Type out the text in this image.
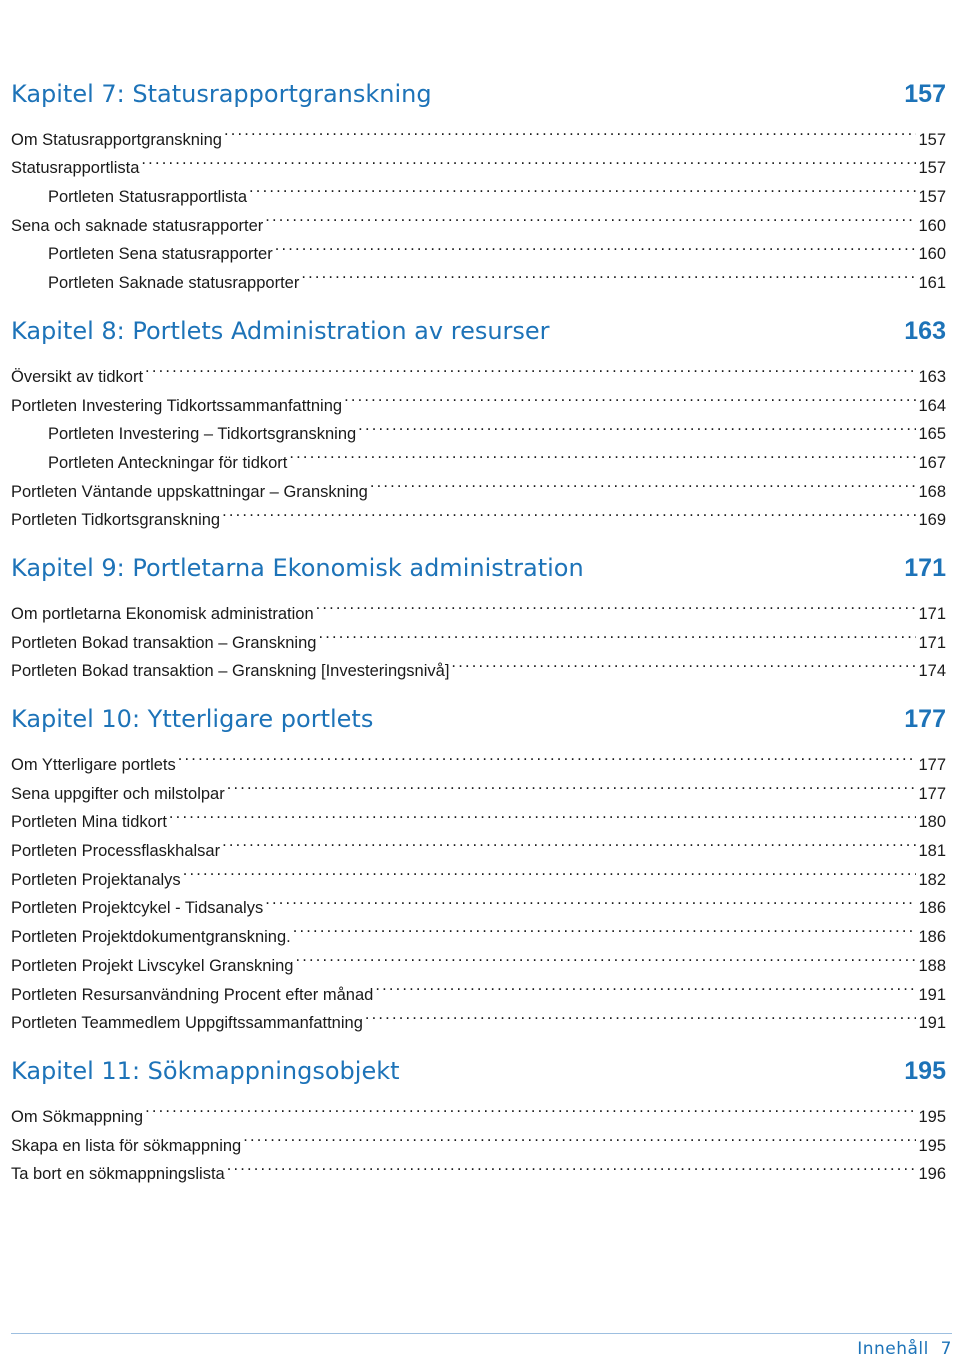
Kapitel 7: Statusrapportgranskning	157
Om Statusrapportgranskning . . .	157
Statusrapportlista . . .	157
Portleten Statusrapportlista . . .	157
Sena och saknade statusrapporter . . .	160
Portleten Sena statusrapporter . . .	160
Portleten Saknade statusrapporter . . .	161
Kapitel 8: Portlets Administration av resurser	163
Översikt av tidkort . . .	163
Portleten Investering Tidkortssammanfattning . . .	164
Portleten Investering – Tidkortsgranskning . . .	165
Portleten Anteckningar för tidkort . . .	167
Portleten Väntande uppskattningar – Granskning . . .	168
Portleten Tidkortsgranskning . . .	169
Kapitel 9: Portletarna Ekonomisk administration	171
Om portletarna Ekonomisk administration . . .	171
Portleten Bokad transaktion – Granskning . . .	171
Portleten Bokad transaktion – Granskning [Investeringsnivå] . . .	174
Kapitel 10: Ytterligare portlets	177
Om Ytterligare portlets . . .	177
Sena uppgifter och milstolpar . . .	177
Portleten Mina tidkort . . .	180
Portleten Processflaskhalsar . . .	181
Portleten Projektanalys . . .	182
Portleten Projektcykel - Tidsanalys . . .	186
Portleten Projektdokumentgranskning. . . .	186
Portleten Projekt Livscykel Granskning . . .	188
Portleten Resursanvändning Procent efter månad . . .	191
Portleten Teammedlem Uppgiftssammanfattning . . .	191
Kapitel 11: Sökmappningsobjekt	195
Om Sökmappning . . .	195
Skapa en lista för sökmappning . . .	195
Ta bort en sökmappningslista . . .	196
Innehåll 7
